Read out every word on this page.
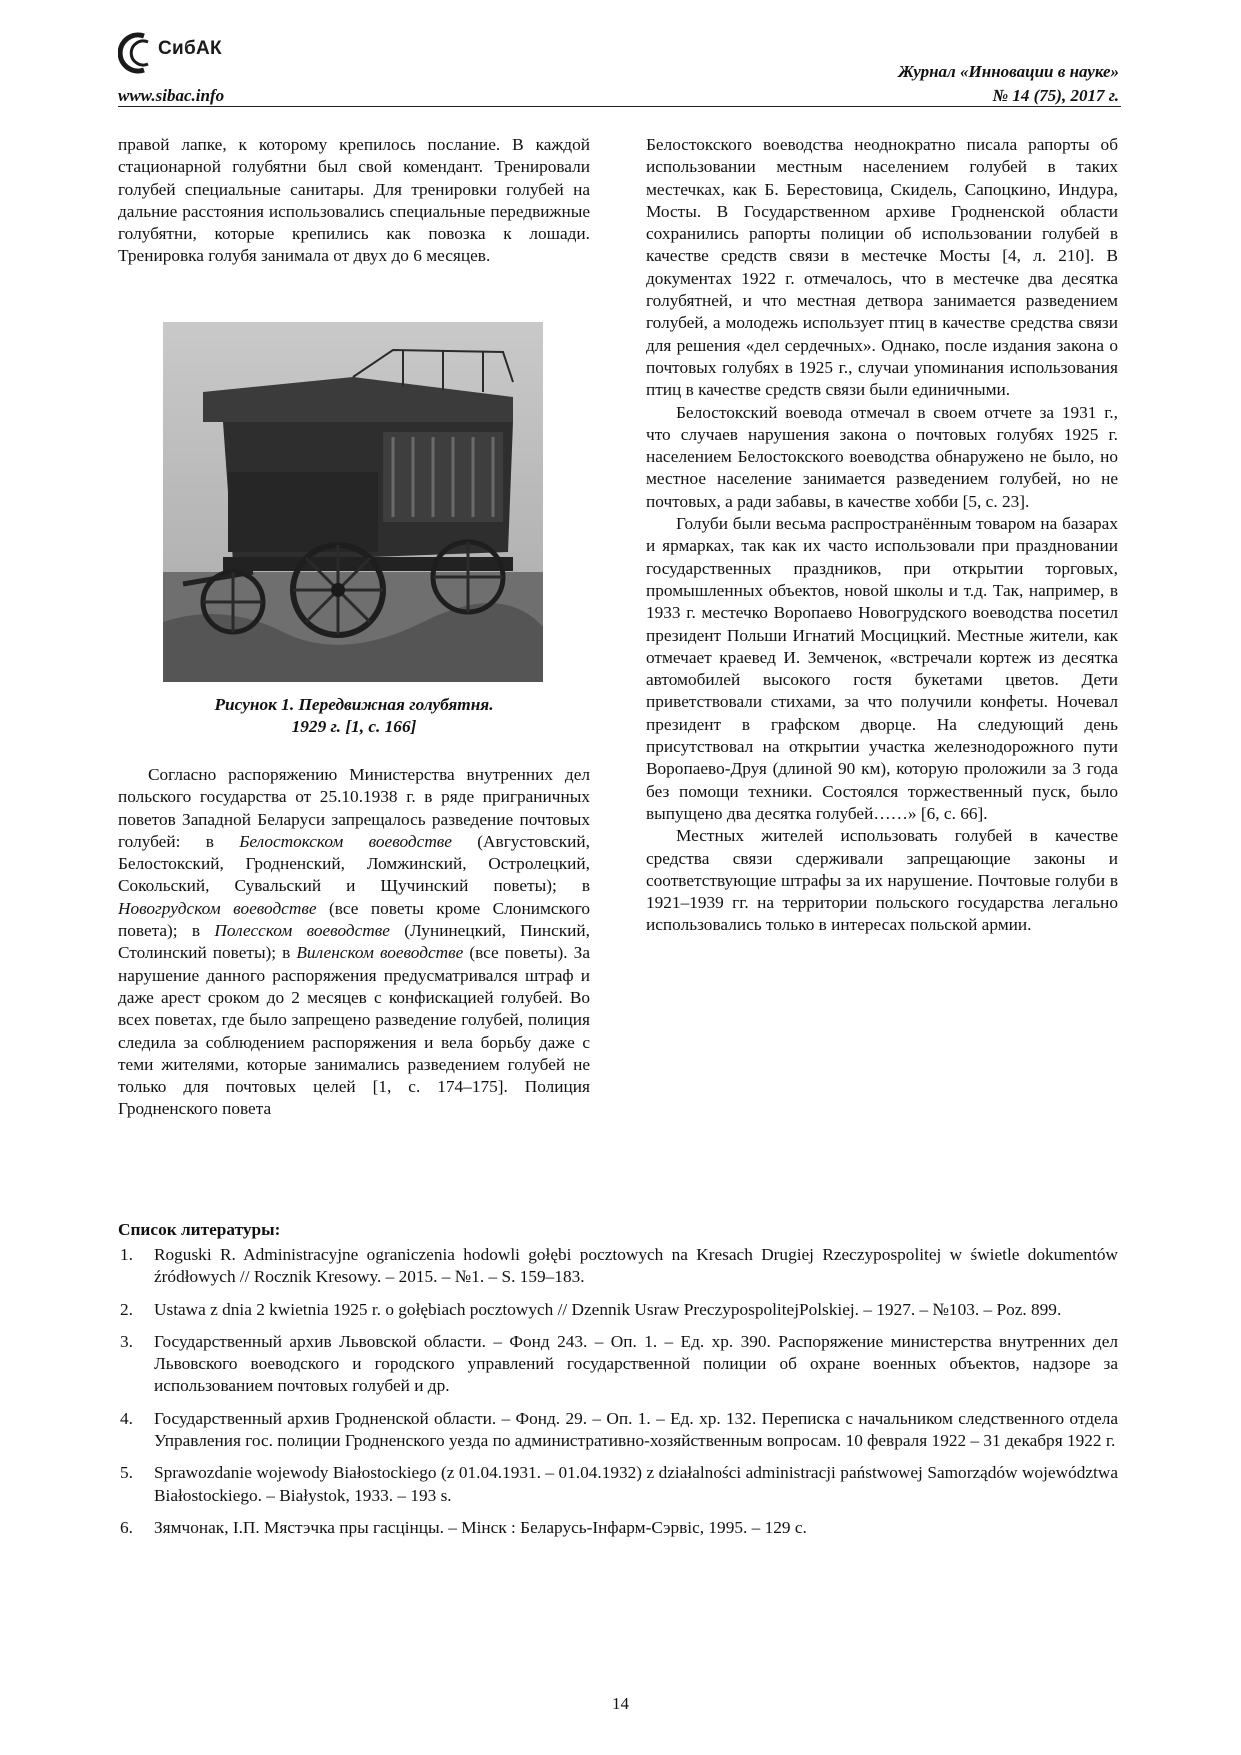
СибАК
www.sibac.info
Журнал «Инновации в науке»
№ 14 (75), 2017 г.

правой лапке, к которому крепилось послание. В каждой стационарной голубятни был свой комендант. Тренировали голубей специальные санитары. Для тренировки голубей на дальние расстояния использовались специальные передвижные голубятни, которые крепились как повозка к лошади. Тренировка голубя занимала от двух до 6 месяцев.

Рисунок 1. Передвижная голубятня.
1929 г. [1, с. 166]

Согласно распоряжению Министерства внутренних дел польского государства от 25.10.1938 г. в ряде приграничных поветов Западной Беларуси запрещалось разведение почтовых голубей: в Белостокском воеводстве (Августовский, Белостокский, Гродненский, Ломжинский, Остролецкий, Сокольский, Сувальский и Щучинский поветы); в Новогрудском воеводстве (все поветы кроме Слонимского повета); в Полесском воеводстве (Лунинецкий, Пинский, Столинский поветы); в Виленском воеводстве (все поветы). За нарушение данного распоряжения предусматривался штраф и даже арест сроком до 2 месяцев с конфискацией голубей. Во всех поветах, где было запрещено разведение голубей, полиция следила за соблюдением распоряжения и вела борьбу даже с теми жителями, которые занимались разведением голубей не только для почтовых целей [1, с. 174–175]. Полиция Гродненского повета

Белостокского воеводства неоднократно писала рапорты об использовании местным населением голубей в таких местечках, как Б. Берестовица, Скидель, Сапоцкино, Индура, Мосты. В Государственном архиве Гродненской области сохранились рапорты полиции об использовании голубей в качестве средств связи в местечке Мосты [4, л. 210]. В документах 1922 г. отмечалось, что в местечке два десятка голубятней, и что местная детвора занимается разведением голубей, а молодежь использует птиц в качестве средства связи для решения «дел сердечных». Однако, после издания закона о почтовых голубях в 1925 г., случаи упоминания использования птиц в качестве средств связи были единичными.

Белостокский воевода отмечал в своем отчете за 1931 г., что случаев нарушения закона о почтовых голубях 1925 г. населением Белостокского воеводства обнаружено не было, но местное население занимается разведением голубей, но не почтовых, а ради забавы, в качестве хобби [5, с. 23].

Голуби были весьма распространённым товаром на базарах и ярмарках, так как их часто использовали при праздновании государственных праздников, при открытии торговых, промышленных объектов, новой школы и т.д. Так, например, в 1933 г. местечко Воропаево Новогрудского воеводства посетил президент Польши Игнатий Мосцицкий. Местные жители, как отмечает краевед И. Земченок, «встречали кортеж из десятка автомобилей высокого гостя букетами цветов. Дети приветствовали стихами, за что получили конфеты. Ночевал президент в графском дворце. На следующий день присутствовал на открытии участка железнодорожного пути Воропаево-Друя (длиной 90 км), которую проложили за 3 года без помощи техники. Состоялся торжественный пуск, было выпущено два десятка голубей……» [6, с. 66].

Местных жителей использовать голубей в качестве средства связи сдерживали запрещающие законы и соответствующие штрафы за их нарушение. Почтовые голуби в 1921–1939 гг. на территории польского государства легально использовались только в интересах польской армии.

Список литературы:
1. Roguski R. Administracyjne ograniczenia hodowli gołębi pocztowych na Kresach Drugiej Rzeczypospolitej w świetle dokumentów źródłowych // Rocznik Kresowy. – 2015. – №1. – S. 159–183.
2. Ustawa z dnia 2 kwietnia 1925 r. o gołębiach pocztowych // Dzennik Usraw PreczypospolitejPolskiej. – 1927. – №103. – Poz. 899.
3. Государственный архив Львовской области. – Фонд 243. – Оп. 1. – Ед. хр. 390. Распоряжение министерства внутренних дел Львовского воеводского и городского управлений государственной полиции об охране военных объектов, надзоре за использованием почтовых голубей и др.
4. Государственный архив Гродненской области. – Фонд. 29. – Оп. 1. – Ед. хр. 132. Переписка с начальником следственного отдела Управления гос. полиции Гродненского уезда по административно-хозяйственным вопросам. 10 февраля 1922 – 31 декабря 1922 г.
5. Sprawozdanie wojewody Białostockiego (z 01.04.1931. – 01.04.1932) z działalności administracji państwowej Samorządów województwa Białostockiego. – Białystok, 1933. – 193 s.
6. Зямчонак, І.П. Мястэчка пры гасцінцы. – Мінск : Беларусь-Інфарм-Сэрвіс, 1995. – 129 с.
14
